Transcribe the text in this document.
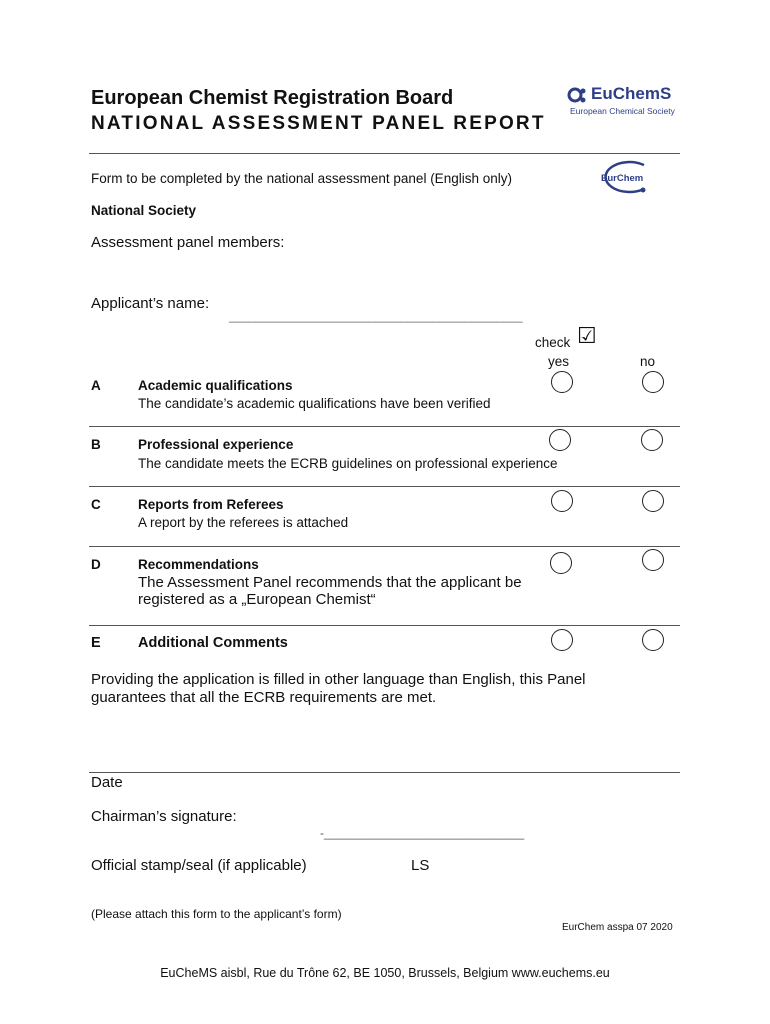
European Chemist Registration Board
NATIONAL ASSESSMENT PANEL REPORT
EuChemS
European Chemical Society
EurChem
Form to be completed by the national assessment panel (English only)
National Society
Assessment panel members:
Applicant’s name:
______________________________________________
check ☑
yes	no
A	Academic qualifications
The candidate’s academic qualifications have been verified
B	Professional experience
The candidate meets the ECRB guidelines on professional experience
C	Reports from Referees
A report by the referees is attached
D	Recommendations
The Assessment Panel recommends that the applicant be
registered as a „European Chemist“
E	Additional Comments
Providing the application is filled in other language than English, this Panel
guarantees that all the ECRB requirements are met.
Date
Chairman’s signature:
-______________________________
Official stamp/seal (if applicable)	LS
(Please attach this form to the applicant’s form)
EurChem asspa 07 2020
EuCheMS aisbl, Rue du Trône 62, BE 1050, Brussels, Belgium www.euchems.eu
